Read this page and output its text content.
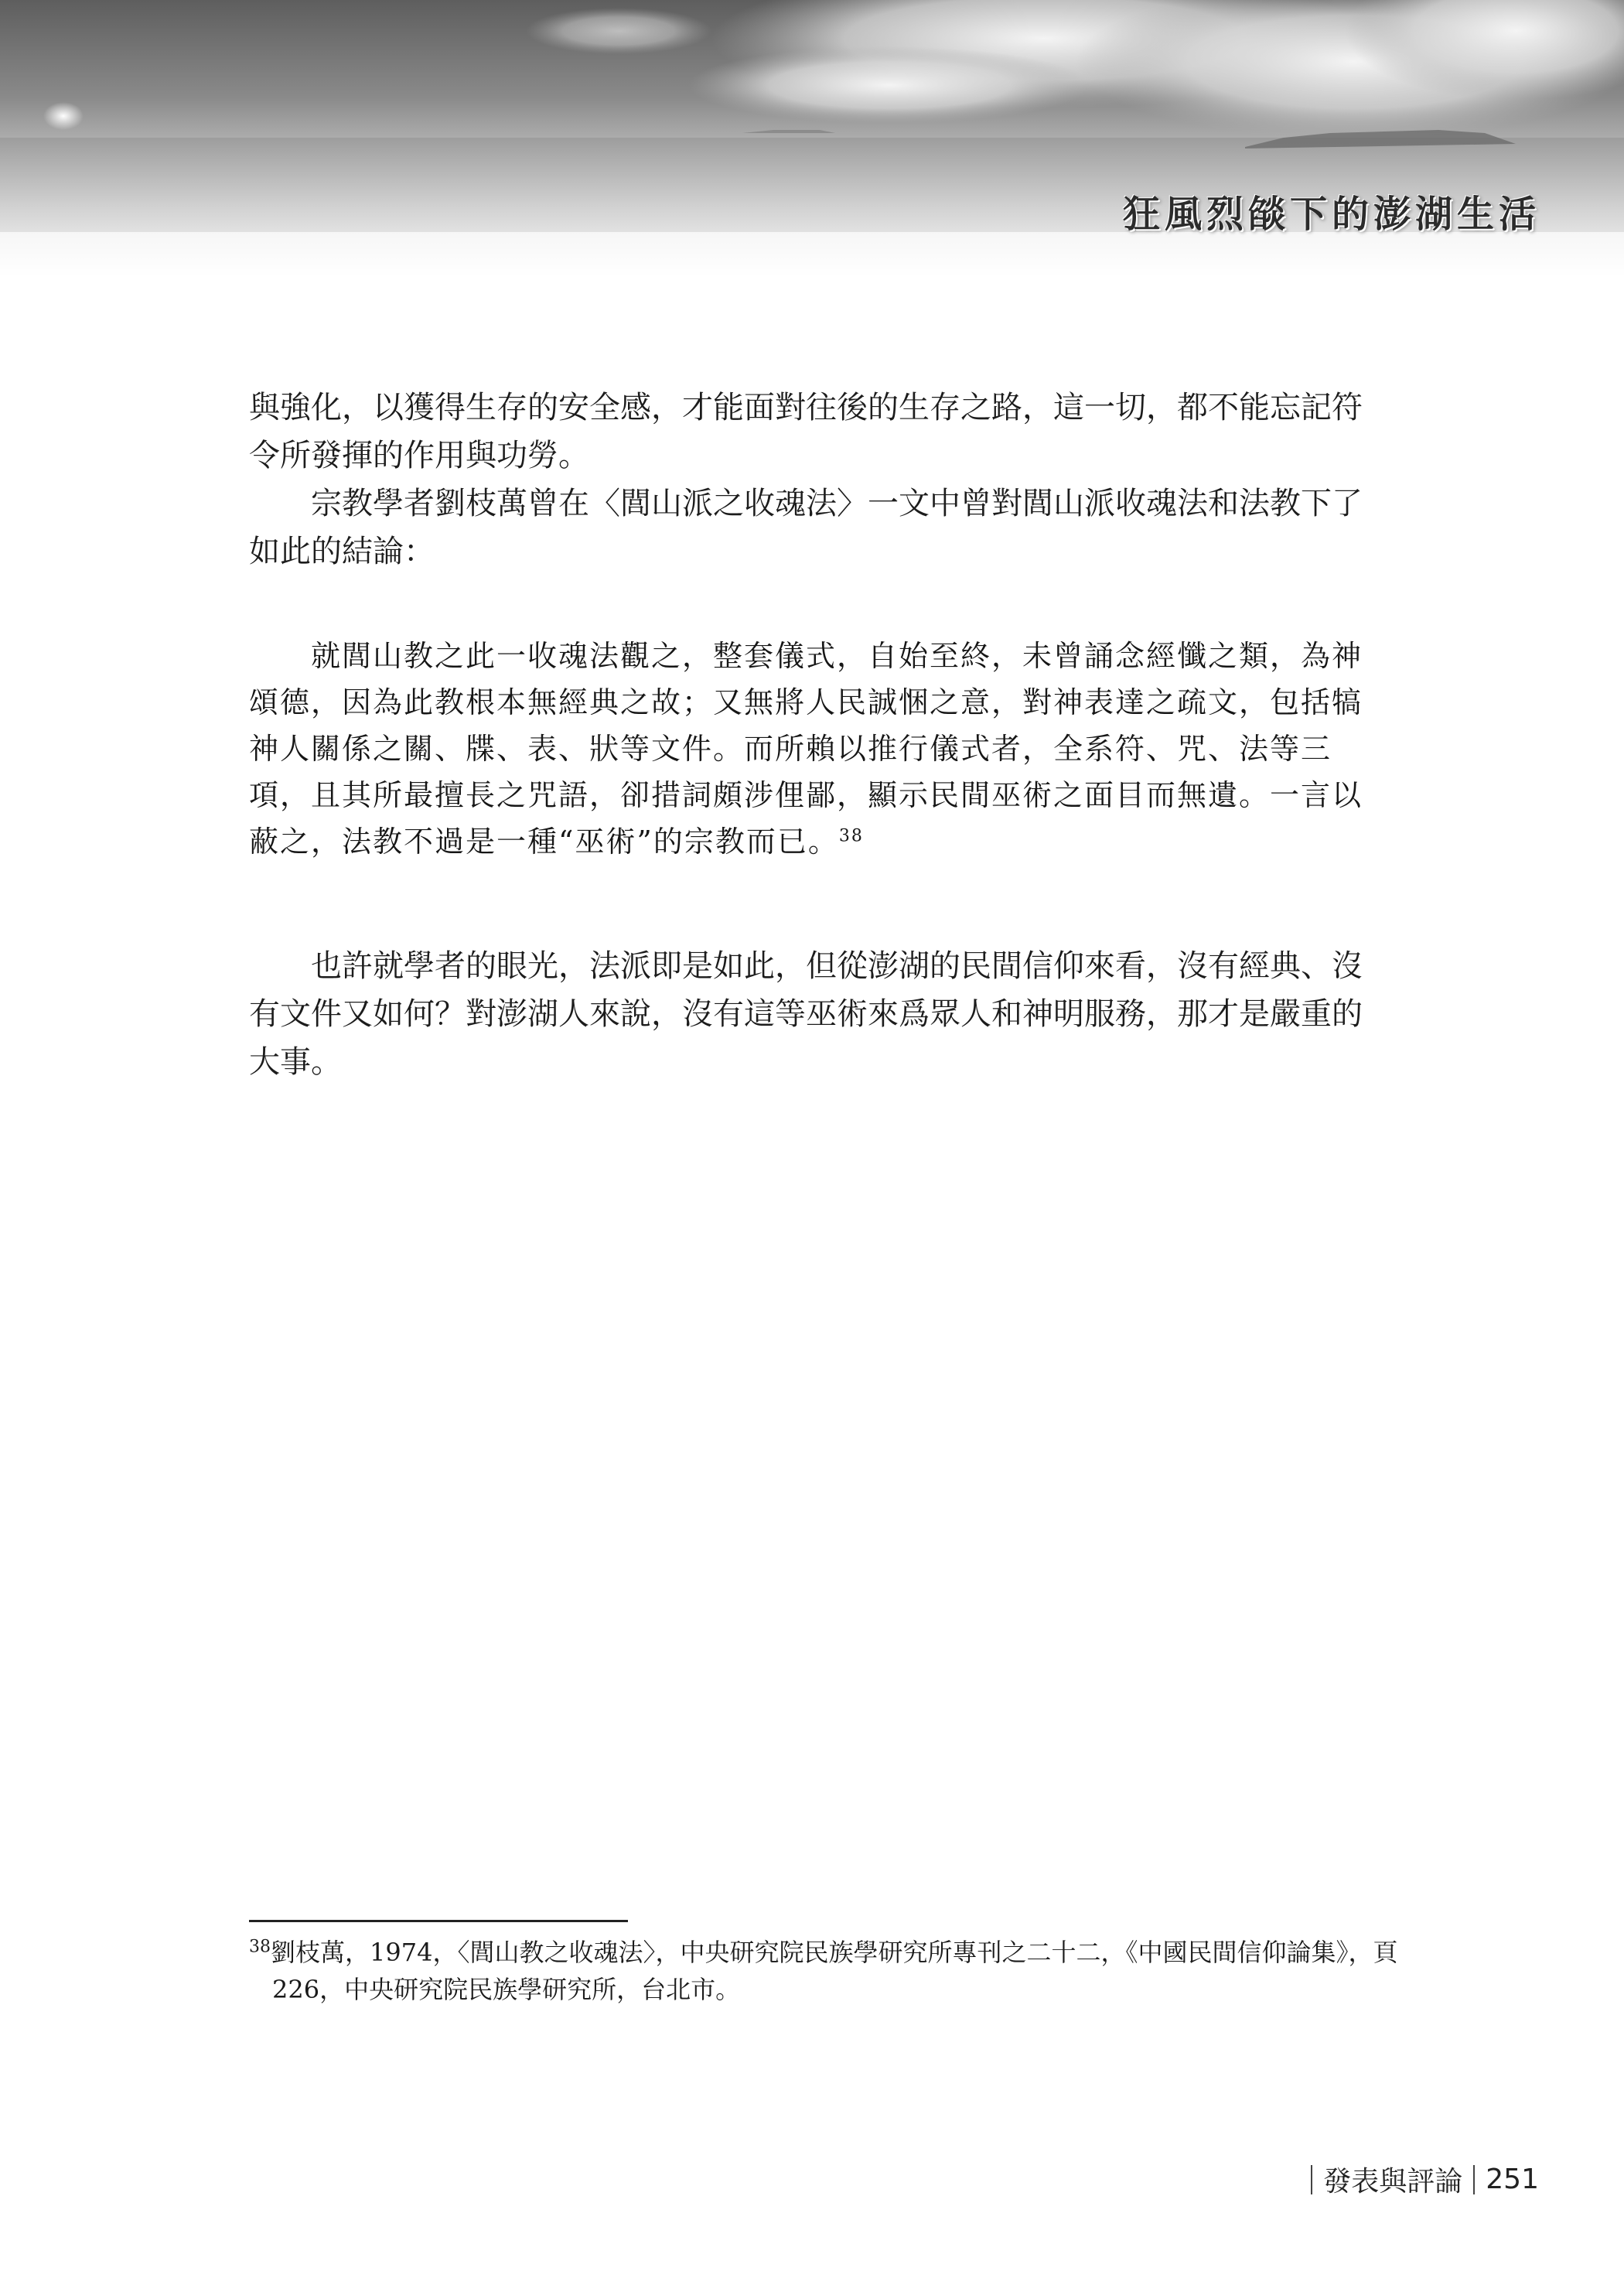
狂風烈燄下的澎湖生活

與強化，以獲得生存的安全感，才能面對往後的生存之路，這一切，都不能忘記符令所發揮的作用與功勞。

宗教學者劉枝萬曾在〈閭山派之收魂法〉一文中曾對閭山派收魂法和法教下了如此的結論：

就閭山教之此一收魂法觀之，整套儀式，自始至終，未曾誦念經懺之類，為神頌德，因為此教根本無經典之故；又無將人民誠悃之意，對神表達之疏文，包括犒神人關係之關、牒、表、狀等文件。而所賴以推行儀式者，全系符、咒、法等三項，且其所最擅長之咒語，卻措詞頗涉俚鄙，顯示民間巫術之面目而無遺。一言以蔽之，法教不過是一種“巫術”的宗教而已。$^{38}$
也許就學者的眼光，法派即是如此，但從澎湖的民間信仰來看，沒有經典、沒有文件又如何？對澎湖人來說，沒有這等巫術來爲眾人和神明服務，那才是嚴重的大事。
$^{38}$劉枝萬，1974，〈閭山教之收魂法〉，中央研究院民族學研究所專刊之二十二，《中國民間信仰論集》，頁 226，中央研究院民族學研究所，台北市。
發表與評論 251
